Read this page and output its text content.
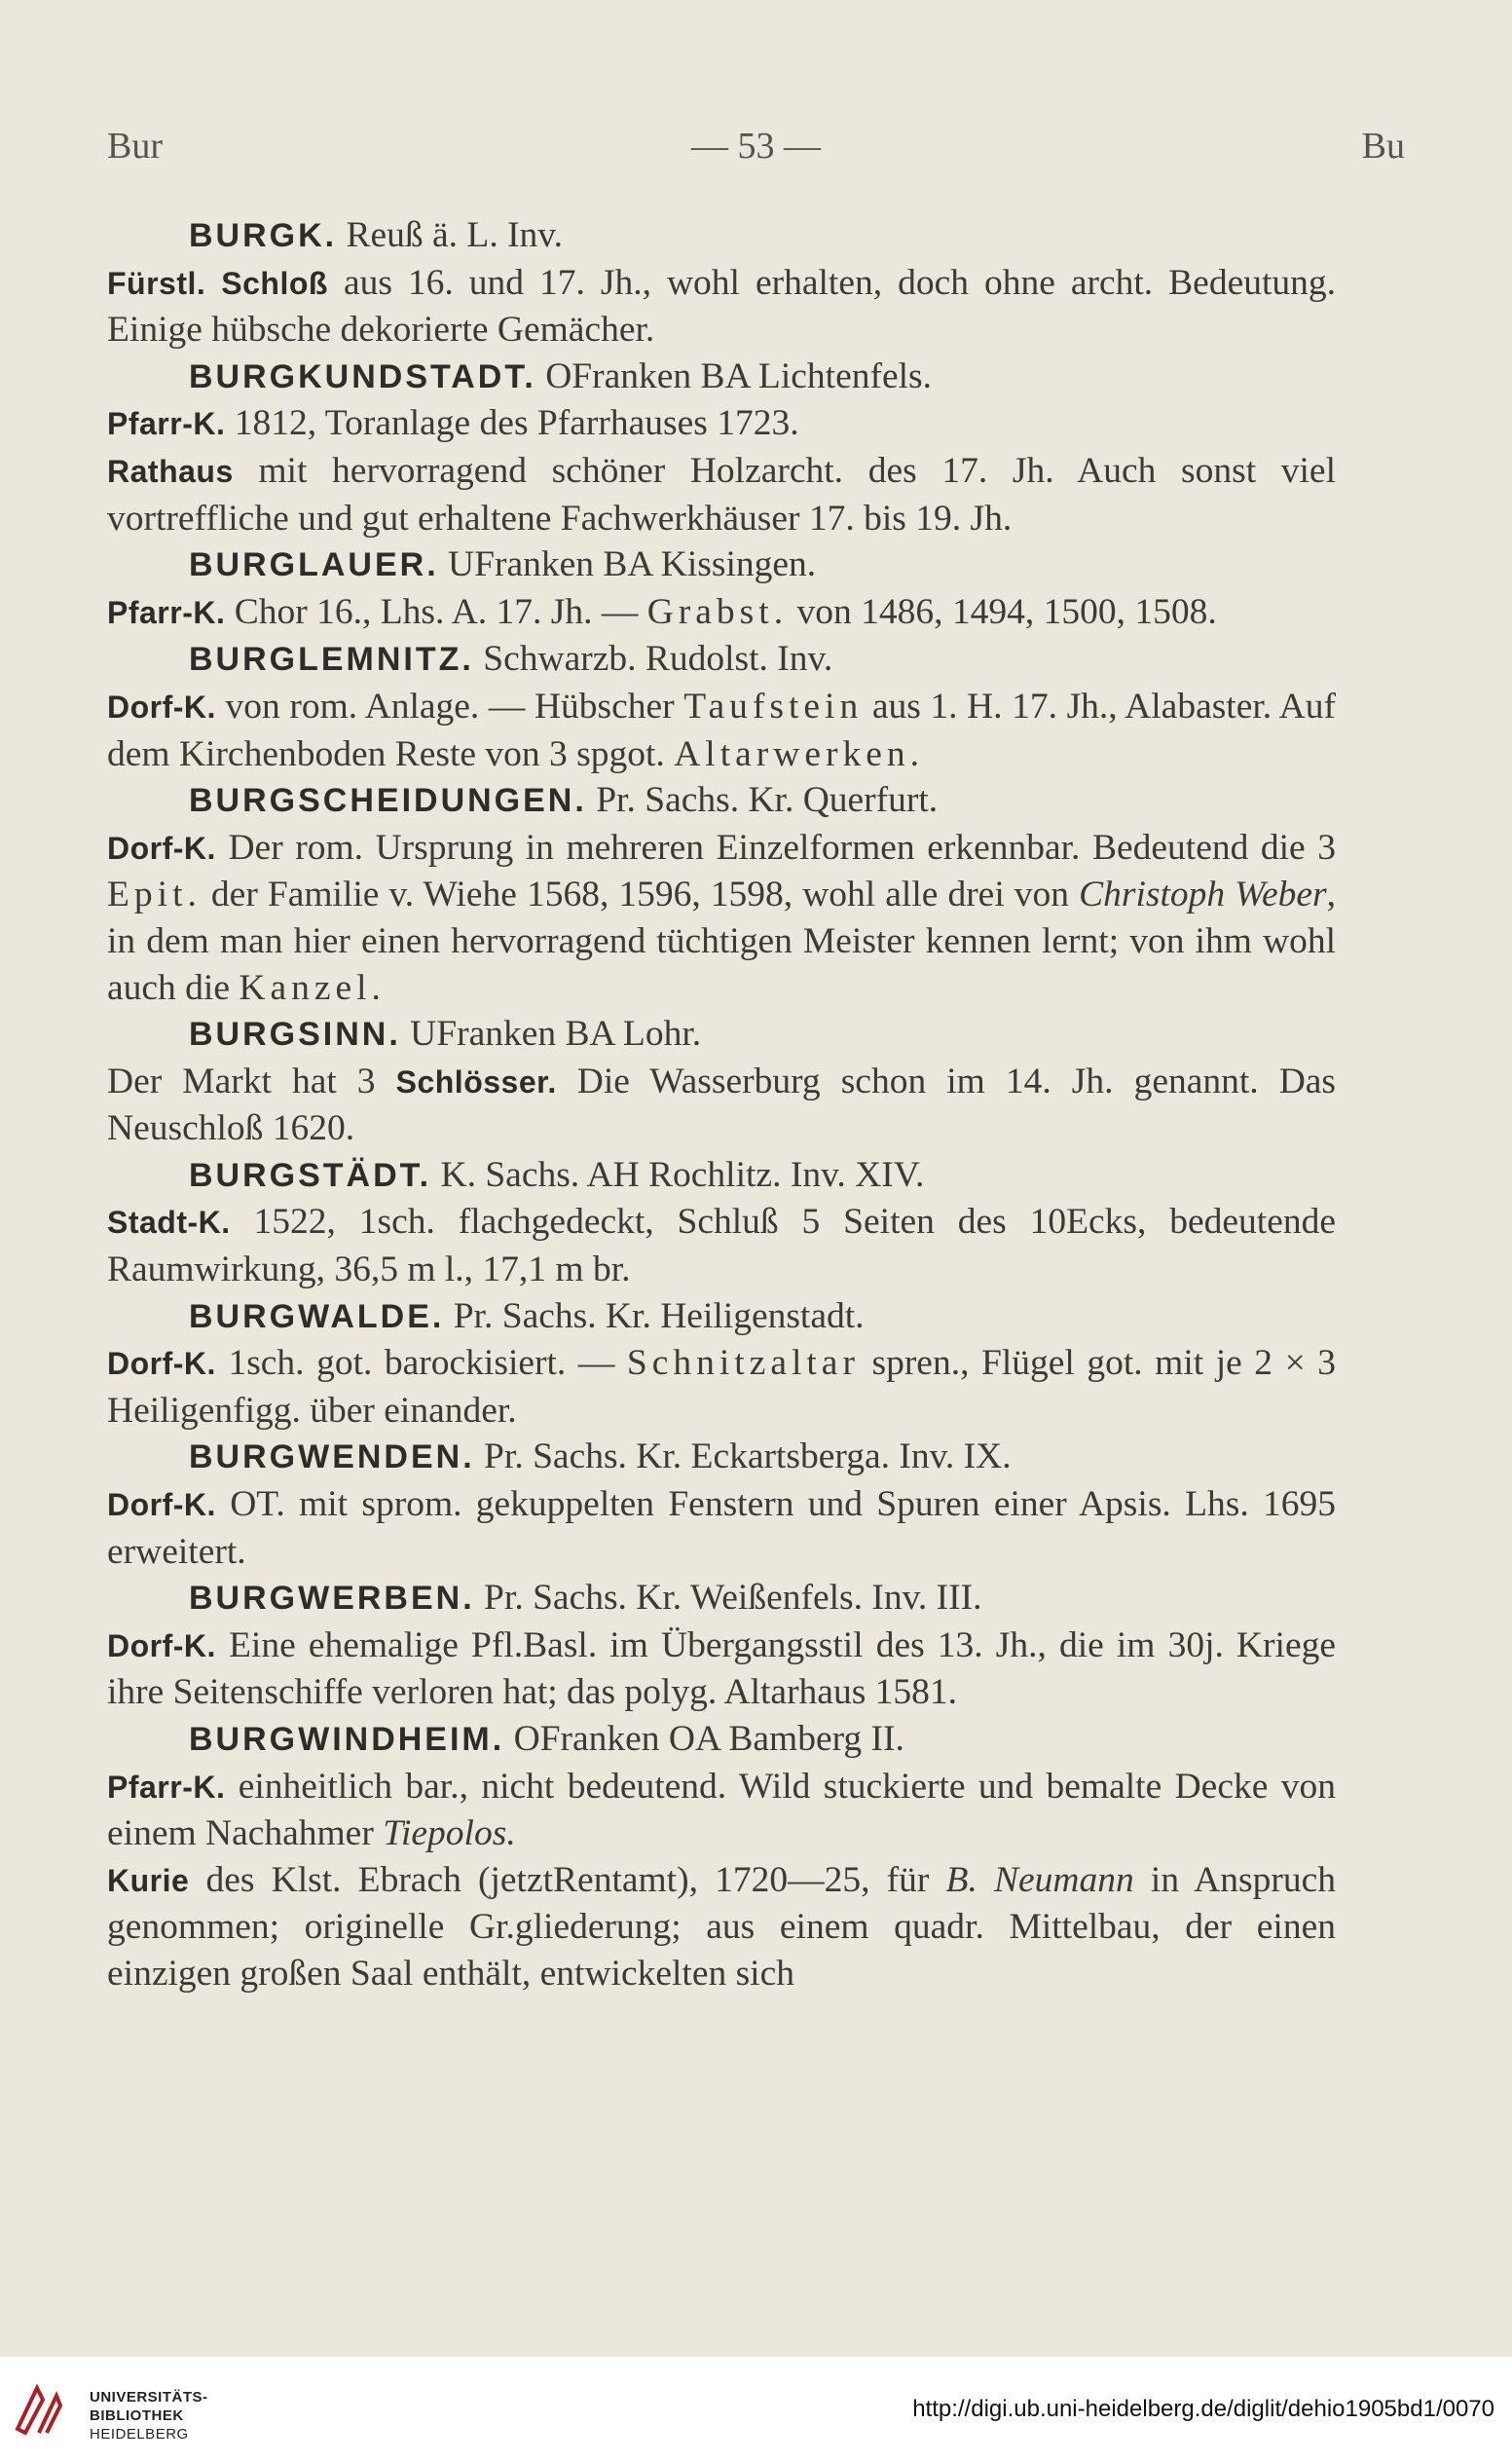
Bur	— 53 —	Bu

BURGK. Reuß ä. L. Inv.

Fürstl. Schloß aus 16. und 17. Jh., wohl erhalten, doch ohne archt. Bedeutung. Einige hübsche dekorierte Gemächer.

BURGKUNDSTADT. OFranken BA Lichtenfels.

Pfarr-K. 1812, Toranlage des Pfarrhauses 1723.

Rathaus mit hervorragend schöner Holzarcht. des 17. Jh. Auch sonst viel vortreffliche und gut erhaltene Fachwerkhäuser 17. bis 19. Jh.

BURGLAUER. UFranken BA Kissingen.

Pfarr-K. Chor 16., Lhs. A. 17. Jh. — Grabst. von 1486, 1494, 1500, 1508.

BURGLEMNITZ. Schwarzb. Rudolst. Inv.

Dorf-K. von rom. Anlage. — Hübscher Taufstein aus 1. H. 17. Jh., Alabaster. Auf dem Kirchenboden Reste von 3 spgot. Altarwerken.

BURGSCHEIDUNGEN. Pr. Sachs. Kr. Querfurt.

Dorf-K. Der rom. Ursprung in mehreren Einzelformen erkennbar. Bedeutend die 3 Epit. der Familie v. Wiehe 1568, 1596, 1598, wohl alle drei von Christoph Weber, in dem man hier einen hervorragend tüchtigen Meister kennen lernt; von ihm wohl auch die Kanzel.

BURGSINN. UFranken BA Lohr.

Der Markt hat 3 Schlösser. Die Wasserburg schon im 14. Jh. genannt. Das Neuschloß 1620.

BURGSTÄDT. K. Sachs. AH Rochlitz. Inv. XIV.

Stadt-K. 1522, 1sch. flachgedeckt, Schluß 5 Seiten des 10Ecks, bedeutende Raumwirkung, 36,5 m l., 17,1 m br.

BURGWALDE. Pr. Sachs. Kr. Heiligenstadt.

Dorf-K. 1sch. got. barockisiert. — Schnitzaltar spren., Flügel got. mit je 2 × 3 Heiligenfigg. über einander.

BURGWENDEN. Pr. Sachs. Kr. Eckartsberga. Inv. IX.

Dorf-K. OT. mit sprom. gekuppelten Fenstern und Spuren einer Apsis. Lhs. 1695 erweitert.

BURGWERBEN. Pr. Sachs. Kr. Weißenfels. Inv. III.

Dorf-K. Eine ehemalige Pfl.Basl. im Übergangsstil des 13. Jh., die im 30j. Kriege ihre Seitenschiffe verloren hat; das polyg. Altarhaus 1581.

BURGWINDHEIM. OFranken OA Bamberg II.

Pfarr-K. einheitlich bar., nicht bedeutend. Wild stuckierte und bemalte Decke von einem Nachahmer Tiepolos.

Kurie des Klst. Ebrach (jetztRentamt), 1720—25, für B. Neumann in Anspruch genommen; originelle Gr.gliederung; aus einem quadr. Mittelbau, der einen einzigen großen Saal enthält, entwickelten sich

UNIVERSITÄTS-
BIBLIOTHEK
HEIDELBERG
http://digi.ub.uni-heidelberg.de/diglit/dehio1905bd1/0070
